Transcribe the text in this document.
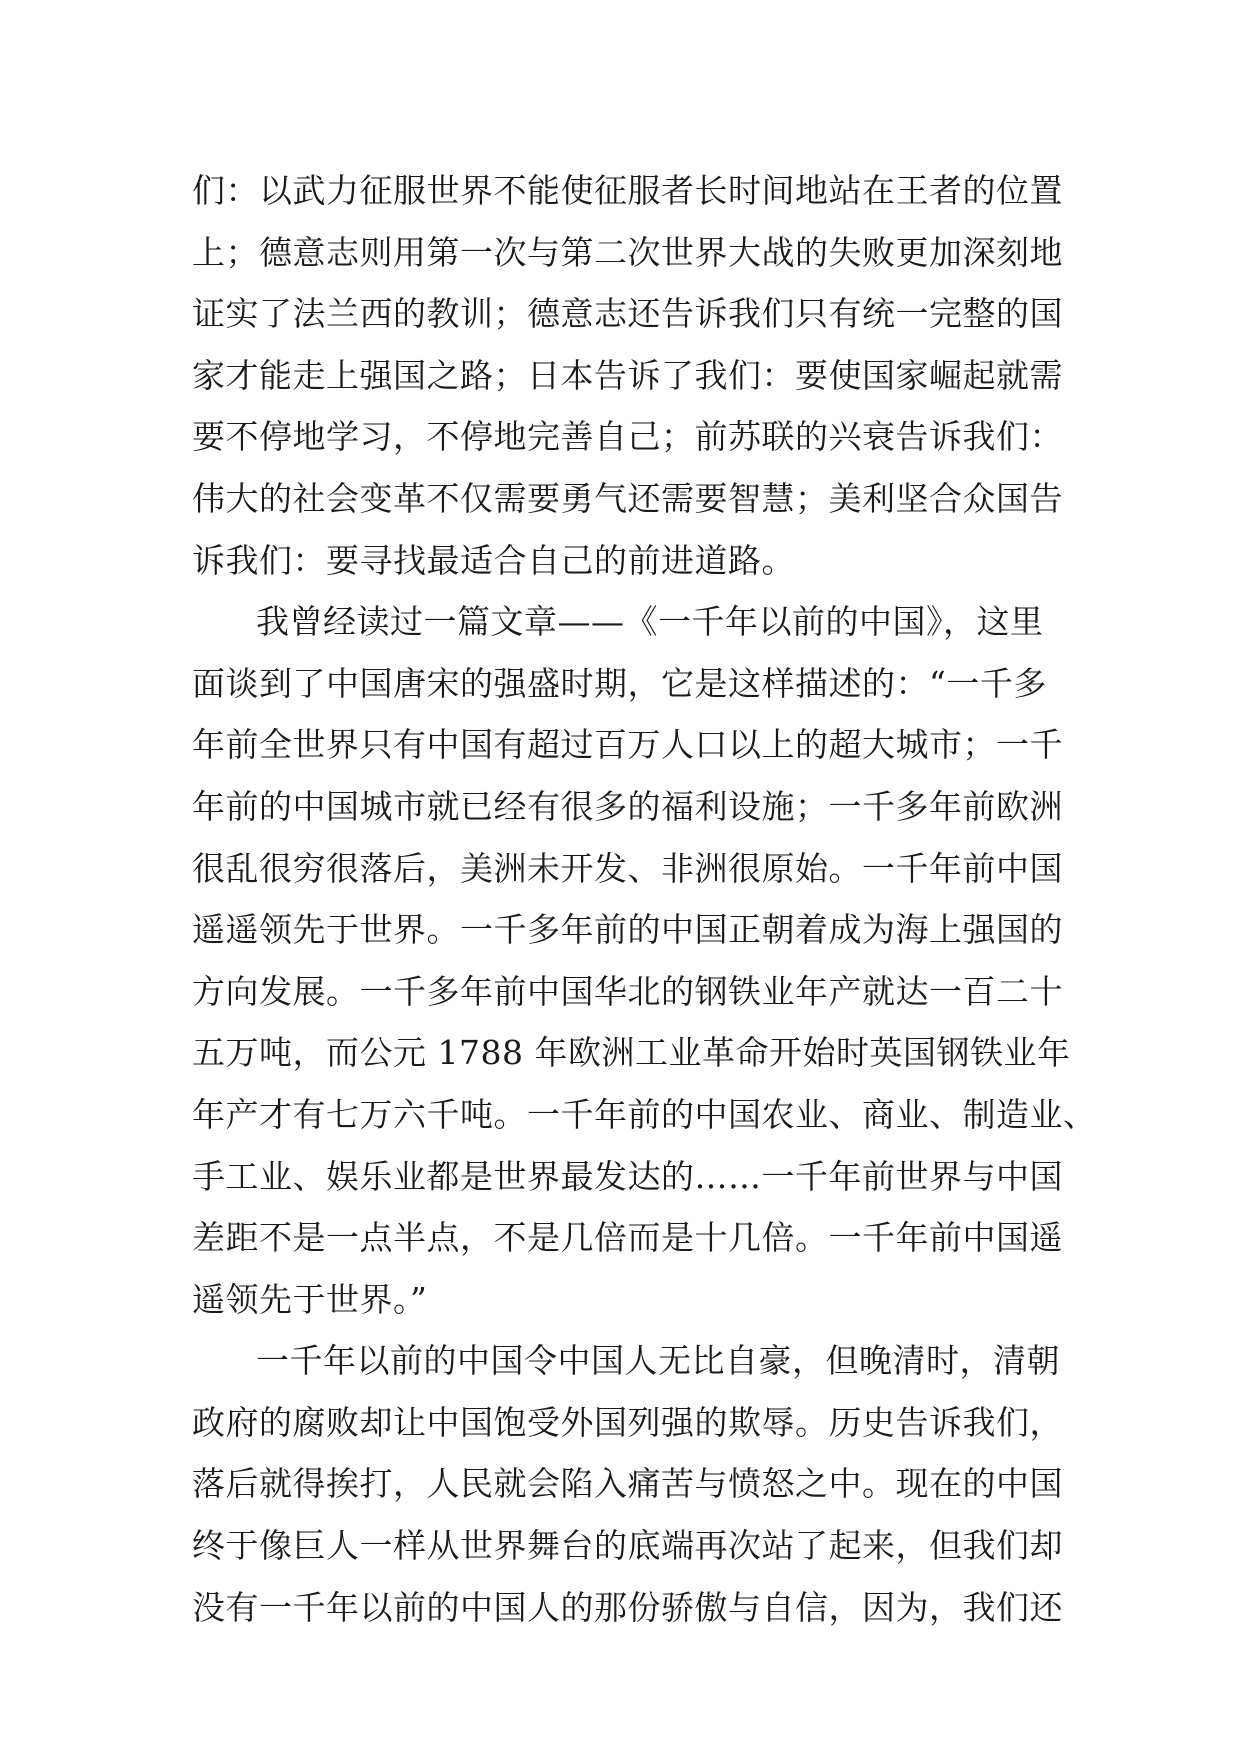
们：以武力征服世界不能使征服者长时间地站在王者的位置
上；德意志则用第一次与第二次世界大战的失败更加深刻地
证实了法兰西的教训；德意志还告诉我们只有统一完整的国
家才能走上强国之路；日本告诉了我们：要使国家崛起就需
要不停地学习，不停地完善自己；前苏联的兴衰告诉我们：
伟大的社会变革不仅需要勇气还需要智慧；美利坚合众国告
诉我们：要寻找最适合自己的前进道路。
我曾经读过一篇文章——《一千年以前的中国》，这里
面谈到了中国唐宋的强盛时期，它是这样描述的：“一千多
年前全世界只有中国有超过百万人口以上的超大城市；一千
年前的中国城市就已经有很多的福利设施；一千多年前欧洲
很乱很穷很落后，美洲未开发、非洲很原始。一千年前中国
遥遥领先于世界。一千多年前的中国正朝着成为海上强国的
方向发展。一千多年前中国华北的钢铁业年产就达一百二十
五万吨，而公元 1788 年欧洲工业革命开始时英国钢铁业年
年产才有七万六千吨。一千年前的中国农业、商业、制造业、
手工业、娱乐业都是世界最发达的……一千年前世界与中国
差距不是一点半点，不是几倍而是十几倍。一千年前中国遥
遥领先于世界。”
一千年以前的中国令中国人无比自豪，但晚清时，清朝
政府的腐败却让中国饱受外国列强的欺辱。历史告诉我们，
落后就得挨打，人民就会陷入痛苦与愤怒之中。现在的中国
终于像巨人一样从世界舞台的底端再次站了起来，但我们却
没有一千年以前的中国人的那份骄傲与自信，因为，我们还
